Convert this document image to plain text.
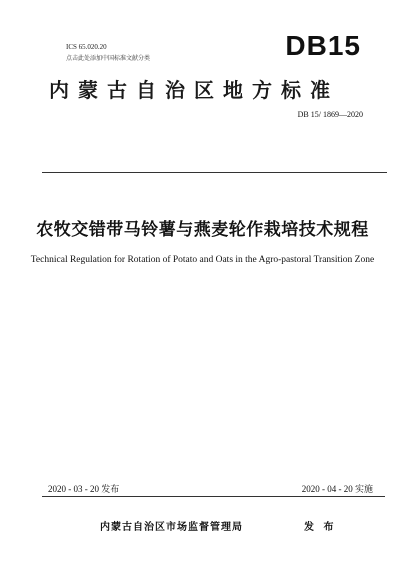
ICS 65.020.20
点击此处添加中国标准文献分类	DB15
内蒙古自治区地方标准
DB 15/ 1869—2020
农牧交错带马铃薯与燕麦轮作栽培技术规程
Technical Regulation for Rotation of Potato and Oats in the Agro-pastoral Transition Zone
2020 - 03 - 20 发布	2020 - 04 - 20 实施
内蒙古自治区市场监督管理局	发 布
